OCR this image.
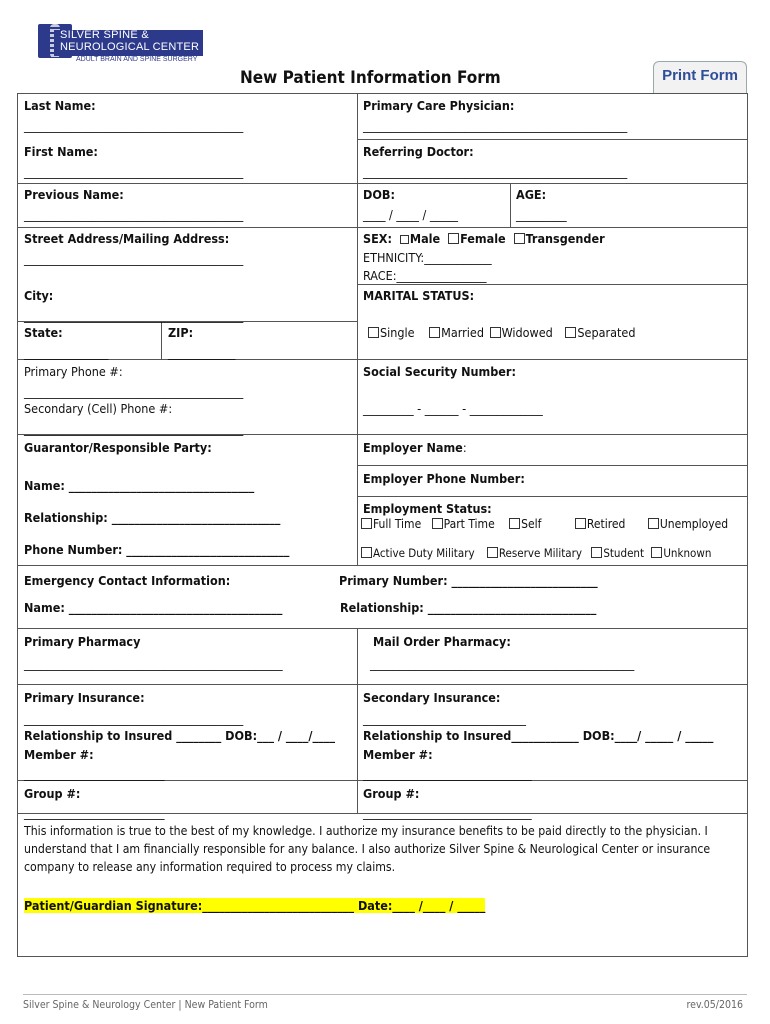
SILVER SPINE &
NEUROLOGICAL CENTER
ADULT BRAIN AND SPINE SURGERY
New Patient Information Form	Print Form
Last Name:
_______________________________________
Primary Care Physician:
_______________________________________________
First Name:
_______________________________________
Referring Doctor:
_______________________________________________
Previous Name:
_______________________________________
DOB:
____ / ____ / _____
AGE:
_________
Street Address/Mailing Address:
_______________________________________
SEX: Male Female Transgender
ETHNICITY:____________
RACE:________________
City:
_______________________________________
MARITAL STATUS:
State:
_______________
ZIP:
____________
Single Married Widowed Separated
Primary Phone #:
_______________________________________
Social Security Number:
Secondary (Cell) Phone #:
_______________________________________
_________ - ______ - _____________
Guarantor/Responsible Party:	Employer Name:
Employer Phone Number:
Name: _________________________________
Employment Status:
Relationship: ______________________________	Full Time Part Time Self	Retired	Unemployed
Phone Number: _____________________________	Active Duty Military Reserve Military Student Unknown
Emergency Contact Information:	Primary Number: __________________________
Name: ______________________________________	Relationship: ______________________________
Primary Pharmacy
______________________________________________
Mail Order Pharmacy:
_______________________________________________
Primary Insurance:
_______________________________________
Secondary Insurance:
_____________________________
Relationship to Insured ________ DOB:___ / ____/____ Relationship to Insured____________ DOB:____/ _____ / _____
Member #:
_________________________
Member #:
______________________________
Group #:
_________________________
Group #:
______________________________
This information is true to the best of my knowledge. I authorize my insurance benefits to be paid directly to the physician. I
understand that I am financially responsible for any balance. I also authorize Silver Spine & Neurological Center or insurance
company to release any information required to process my claims.
Patient/Guardian Signature:___________________________ Date:____ /____ / _____
Silver Spine & Neurology Center | New Patient Form	rev.05/2016
